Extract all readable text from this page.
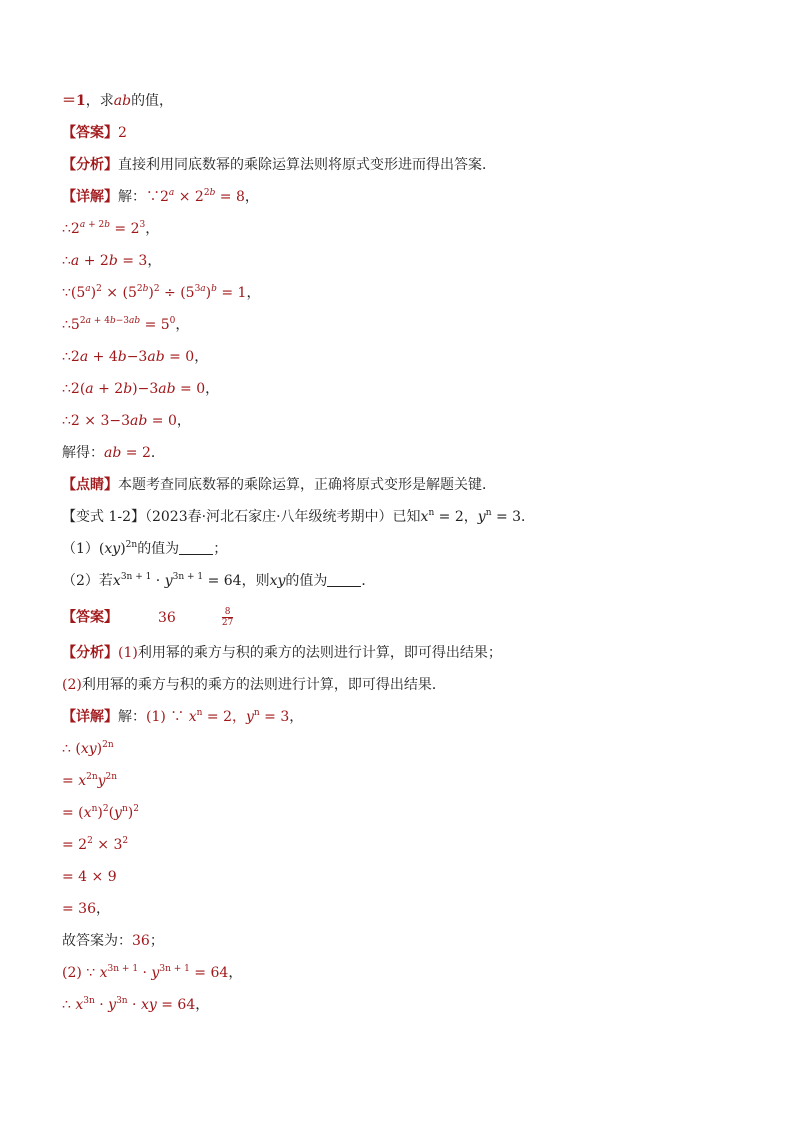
＝1，求ab的值，
【答案】2
【分析】直接利用同底数幂的乘除运算法则将原式变形进而得出答案．
【详解】解：$\because 2^a \times 2^{2b} = 8$，
$\therefore 2^{a + 2b} = 2^3$，
∴a + 2b = 3，
$\because(5^a)^2 \times (5^{2b})^2 \div (5^{3a})^b = 1$，
$\therefore 5^{2a + 4b-3ab} = 5^0$，
∴2a + 4b−3ab = 0，
∴2(a + 2b)−3ab = 0，
∴2 × 3−3ab = 0，
解得：ab = 2．
【点睛】本题考查同底数幂的乘除运算，正确将原式变形是解题关键．
【变式 1-2】（2023春·河北石家庄·八年级统考期中）已知$x^n = 2$，$y^n = 3$．
（1）(xy)$^{2n}$的值为 ；
（2）若$x^{3n + 1} \cdot y^{3n + 1} = 64$，则xy的值为 ．
【答案】	36	$\frac{8}{27}$
【分析】(1)利用幂的乘方与积的乘方的法则进行计算，即可得出结果；
(2)利用幂的乘方与积的乘方的法则进行计算，即可得出结果．
【详解】解：(1) ∵ $x^n = 2$，$y^n = 3$，
∴ (xy)$^{2n}$
= $x^{2n}y^{2n}$
= $(x^n)^2(y^n)^2$
= $2^2 \times 3^2$
= 4 × 9
= 36，
故答案为：36；
(2) ∵ $x^{3n + 1} \cdot y^{3n + 1} = 64$，
∴ $x^{3n} \cdot y^{3n}$ · xy = 64，
